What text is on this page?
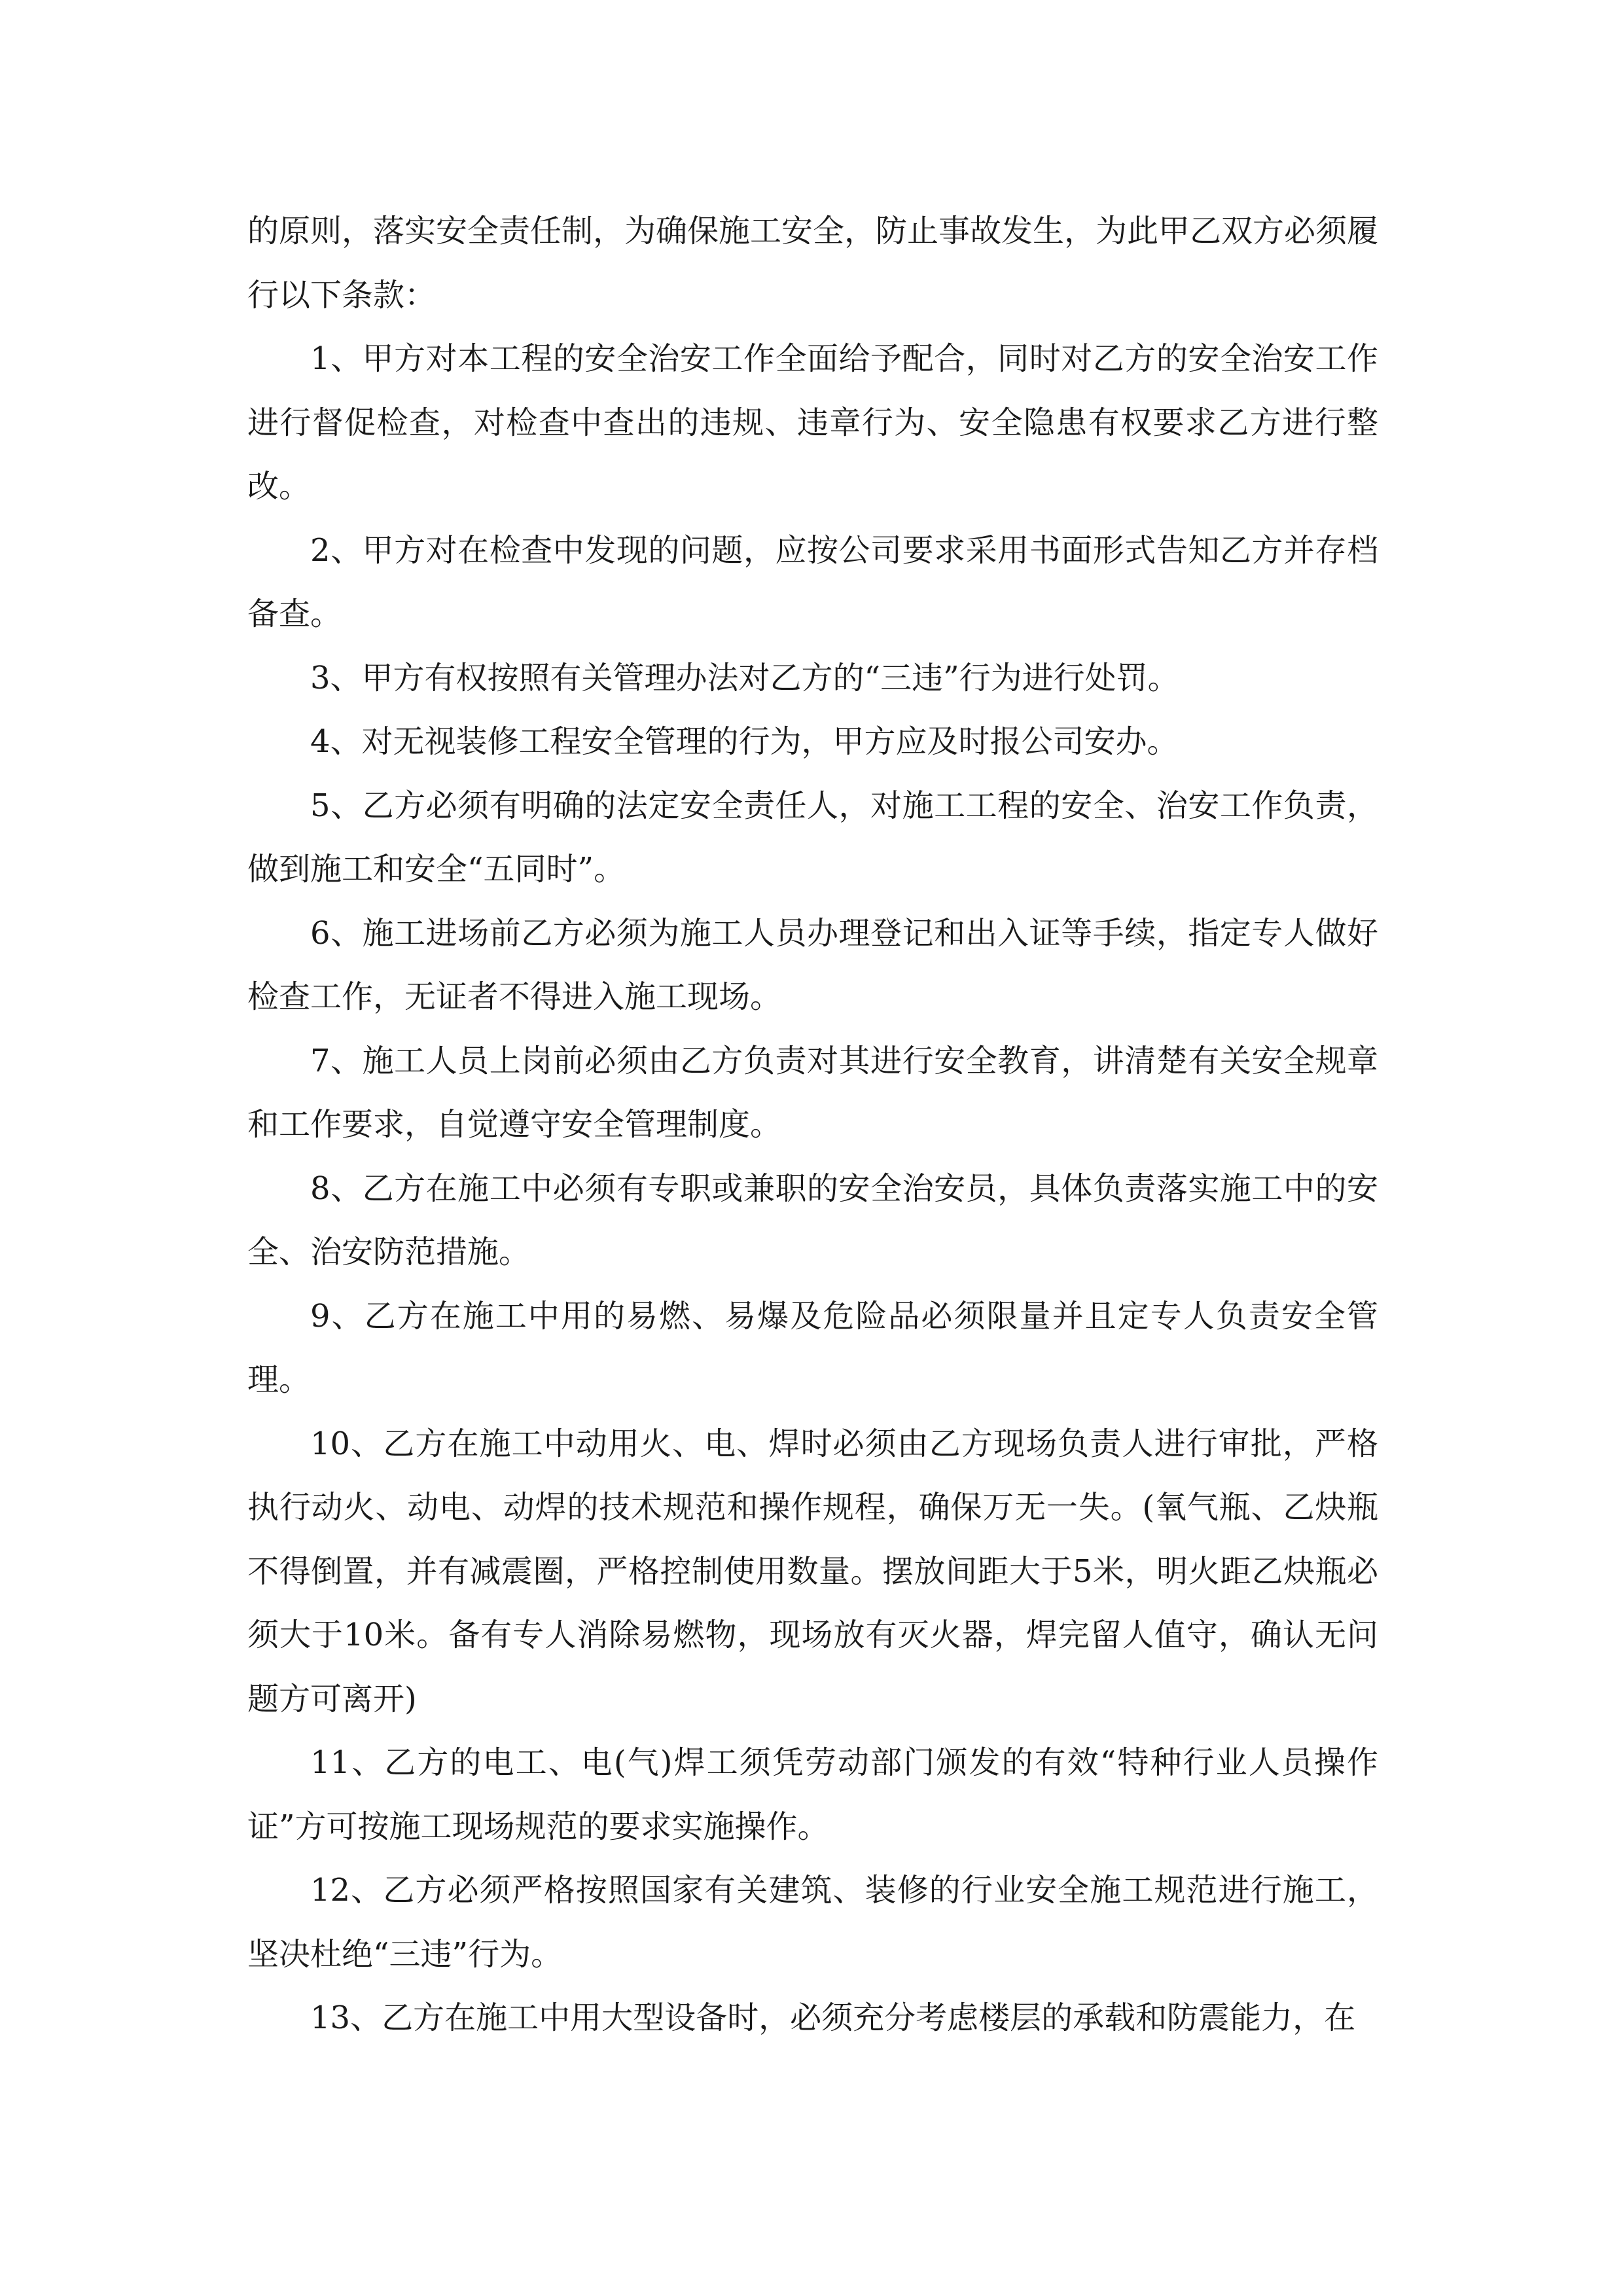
的原则，落实安全责任制，为确保施工安全，防止事故发生，为此甲乙双方必须履行以下条款：

1、甲方对本工程的安全治安工作全面给予配合，同时对乙方的安全治安工作进行督促检查，对检查中查出的违规、违章行为、安全隐患有权要求乙方进行整改。

2、甲方对在检查中发现的问题，应按公司要求采用书面形式告知乙方并存档备查。

3、甲方有权按照有关管理办法对乙方的“三违”行为进行处罚。

4、对无视装修工程安全管理的行为，甲方应及时报公司安办。

5、乙方必须有明确的法定安全责任人，对施工工程的安全、治安工作负责，做到施工和安全“五同时”。

6、施工进场前乙方必须为施工人员办理登记和出入证等手续，指定专人做好检查工作，无证者不得进入施工现场。

7、施工人员上岗前必须由乙方负责对其进行安全教育，讲清楚有关安全规章和工作要求，自觉遵守安全管理制度。

8、乙方在施工中必须有专职或兼职的安全治安员，具体负责落实施工中的安全、治安防范措施。

9、乙方在施工中用的易燃、易爆及危险品必须限量并且定专人负责安全管理。

10、乙方在施工中动用火、电、焊时必须由乙方现场负责人进行审批，严格执行动火、动电、动焊的技术规范和操作规程，确保万无一失。(氧气瓶、乙炔瓶不得倒置，并有减震圈，严格控制使用数量。摆放间距大于5米，明火距乙炔瓶必须大于10米。备有专人消除易燃物，现场放有灭火器，焊完留人值守，确认无问题方可离开)

11、乙方的电工、电(气)焊工须凭劳动部门颁发的有效“特种行业人员操作证”方可按施工现场规范的要求实施操作。

12、乙方必须严格按照国家有关建筑、装修的行业安全施工规范进行施工，坚决杜绝“三违”行为。

13、乙方在施工中用大型设备时，必须充分考虑楼层的承载和防震能力，在
